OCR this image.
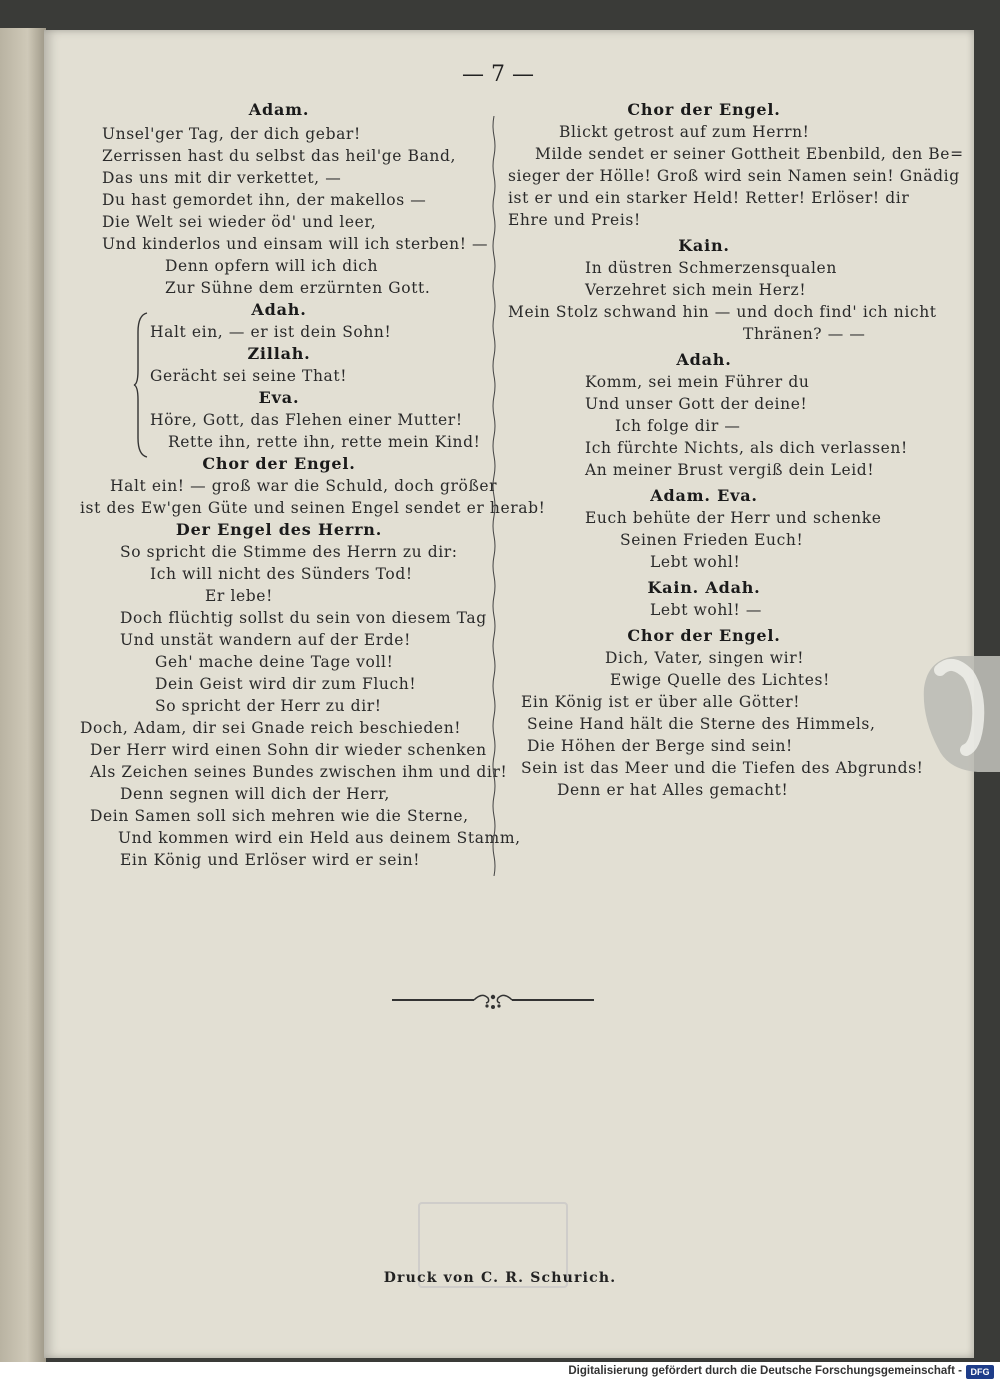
— 7 —
Adam.
Unsel'ger Tag, der dich gebar!
Zerrissen hast du selbst das heil'ge Band,
Das uns mit dir verkettet, —
Du hast gemordet ihn, der makellos —
Die Welt sei wieder öd' und leer,
Und kinderlos und einsam will ich sterben! —
Denn opfern will ich dich
Zur Sühne dem erzürnten Gott.
Adah.
Halt ein, — er ist dein Sohn!
Zillah.
Gerächt sei seine That!
Eva.
Höre, Gott, das Flehen einer Mutter!
Rette ihn, rette ihn, rette mein Kind!
Chor der Engel.
Halt ein! — groß war die Schuld, doch größer
ist des Ew'gen Güte und seinen Engel sendet er herab!
Der Engel des Herrn.
So spricht die Stimme des Herrn zu dir:
Ich will nicht des Sünders Tod!
Er lebe!
Doch flüchtig sollst du sein von diesem Tag
Und unstät wandern auf der Erde!
Geh' mache deine Tage voll!
Dein Geist wird dir zum Fluch!
So spricht der Herr zu dir!
Doch, Adam, dir sei Gnade reich beschieden!
Der Herr wird einen Sohn dir wieder schenken
Als Zeichen seines Bundes zwischen ihm und dir!
Denn segnen will dich der Herr,
Dein Samen soll sich mehren wie die Sterne,
Und kommen wird ein Held aus deinem Stamm,
Ein König und Erlöser wird er sein!
Chor der Engel.
Blickt getrost auf zum Herrn!
Milde sendet er seiner Gottheit Ebenbild, den Be=
sieger der Hölle! Groß wird sein Namen sein! Gnädig
ist er und ein starker Held! Retter! Erlöser! dir
Ehre und Preis!
Kain.
In düstren Schmerzensqualen
Verzehret sich mein Herz!
Mein Stolz schwand hin — und doch find' ich nicht
Thränen? — —
Adah.
Komm, sei mein Führer du
Und unser Gott der deine!
Ich folge dir —
Ich fürchte Nichts, als dich verlassen!
An meiner Brust vergiß dein Leid!
Adam. Eva.
Euch behüte der Herr und schenke
Seinen Frieden Euch!
Lebt wohl!
Kain. Adah.
Lebt wohl! —
Chor der Engel.
Dich, Vater, singen wir!
Ewige Quelle des Lichtes!
Ein König ist er über alle Götter!
Seine Hand hält die Sterne des Himmels,
Die Höhen der Berge sind sein!
Sein ist das Meer und die Tiefen des Abgrunds!
Denn er hat Alles gemacht!
Druck von C. R. Schurich.
Digitalisierung gefördert durch die Deutsche Forschungsgemeinschaft - DFG
